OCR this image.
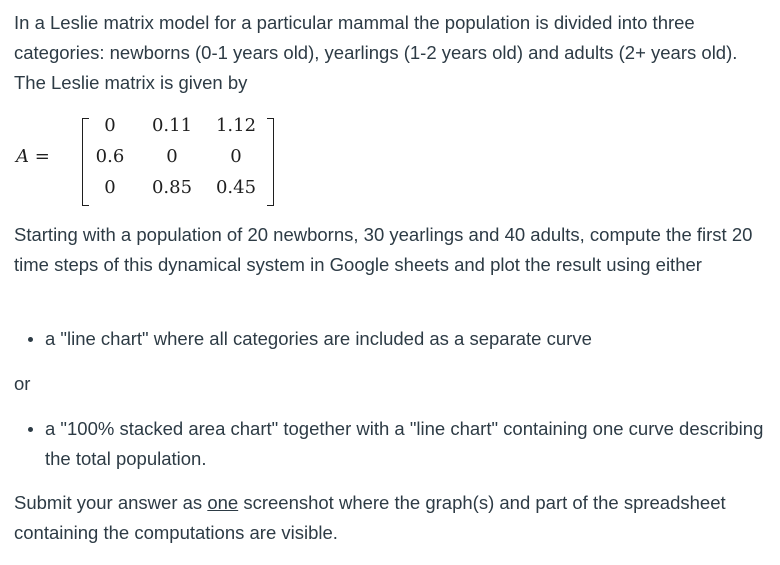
In a Leslie matrix model for a particular mammal the population is divided into three categories: newborns (0-1 years old), yearlings (1-2 years old) and adults (2+ years old). The Leslie matrix is given by

A =
0	0.11	1.12
0.6	0	0
0	0.85	0.45

Starting with a population of 20 newborns, 30 yearlings and 40 adults, compute the first 20 time steps of this dynamical system in Google sheets and plot the result using either

a "line chart" where all categories are included as a separate curve
or
a "100% stacked area chart" together with a "line chart" containing one curve describing the total population.

Submit your answer as one screenshot where the graph(s) and part of the spreadsheet containing the computations are visible.
